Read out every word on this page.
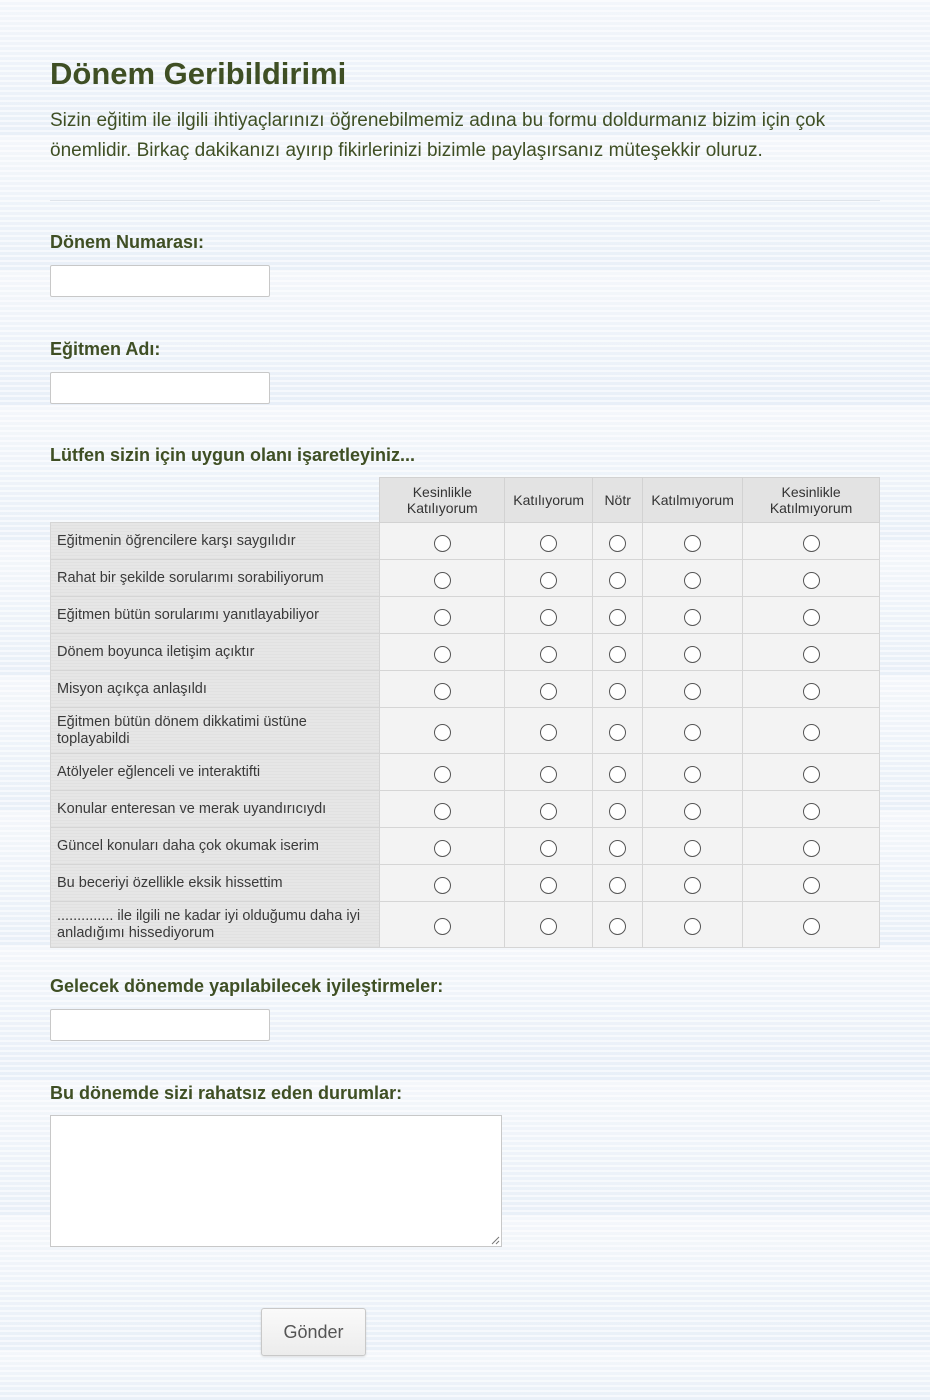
Dönem Geribildirimi

Sizin eğitim ile ilgili ihtiyaçlarınızı öğrenebilmemiz adına bu formu doldurmanız bizim için çok önemlidir. Birkaç dakikanızı ayırıp fikirlerinizi bizimle paylaşırsanız müteşekkir oluruz.

Dönem Numarası:
Eğitmen Adı:
Lütfen sizin için uygun olanı işaretleyiniz...
	Kesinlikle Katılıyorum	Katılıyorum	Nötr	Katılmıyorum	Kesinlikle Katılmıyorum
Eğitmenin öğrencilere karşı saygılıdır					
Rahat bir şekilde sorularımı sorabiliyorum					
Eğitmen bütün sorularımı yanıtlayabiliyor					
Dönem boyunca iletişim açıktır					
Misyon açıkça anlaşıldı					
Eğitmen bütün dönem dikkatimi üstüne toplayabildi					
Atölyeler eğlenceli ve interaktifti					
Konular enteresan ve merak uyandırıcıydı					
Güncel konuları daha çok okumak iserim					
Bu beceriyi özellikle eksik hissettim					
.............. ile ilgili ne kadar iyi olduğumu daha iyi anladığımı hissediyorum					
Gelecek dönemde yapılabilecek iyileştirmeler:
Bu dönemde sizi rahatsız eden durumlar:
Gönder
